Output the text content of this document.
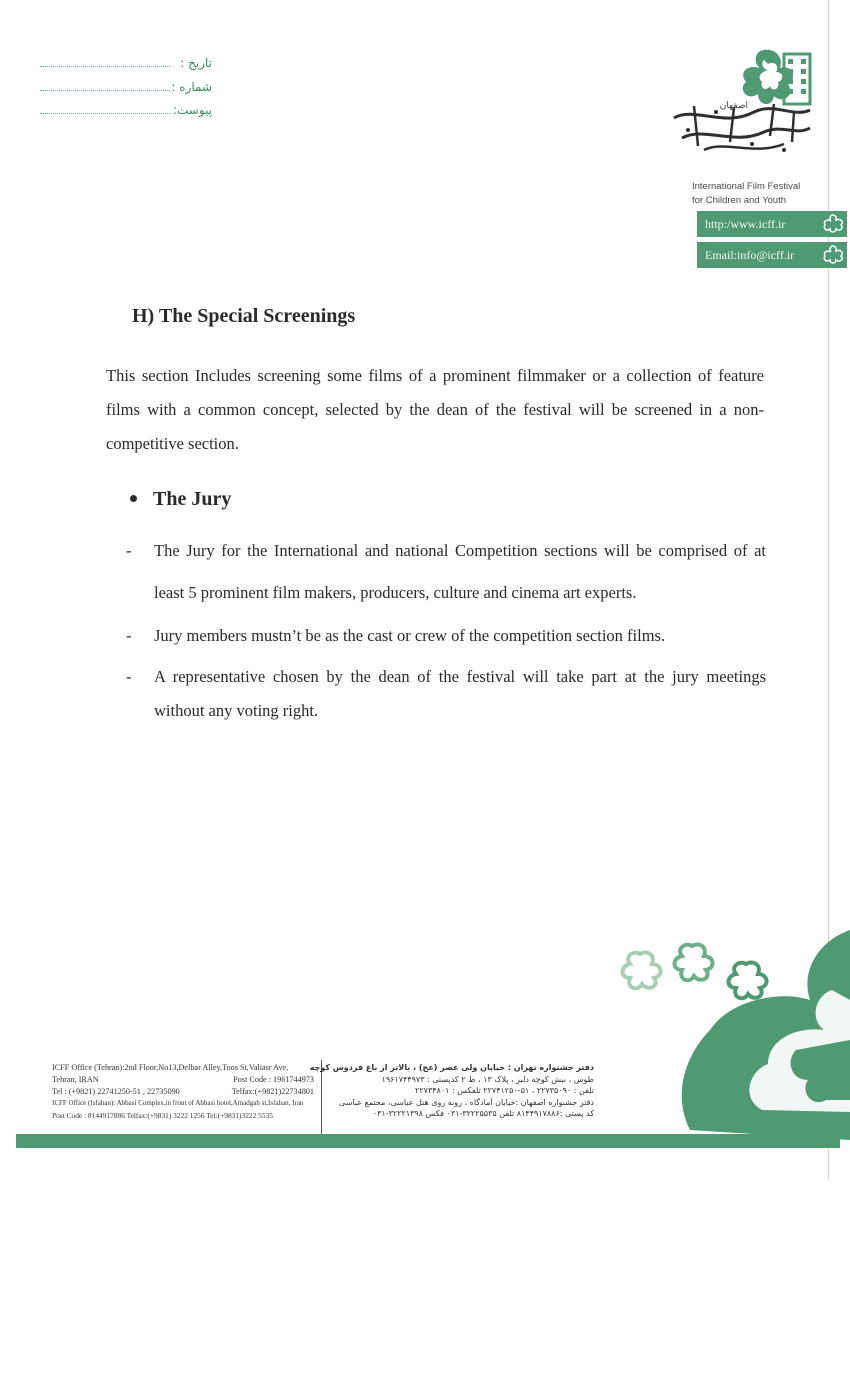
تاریخ :
شماره :
پیوست:	اصفهان
International Film Festival
for Children and Youth
http:/www.icff.ir
Email:info@icff.ir
H) The Special Screenings
This section Includes screening some films of a prominent filmmaker or a collection of feature films with a common concept, selected by the dean of the festival will be screened in a non-competitive section.
The Jury
- The Jury for the International and national Competition sections will be comprised of at least 5 prominent film makers, producers, culture and cinema art experts.
- Jury members mustn’t be as the cast or crew of the competition section films.
- A representative chosen by the dean of the festival will take part at the jury meetings without any voting right.
ICFF Office (Tehran):2nd Floor,No13,Delbar Alley,Toos St,Valiasr Ave,
Tehran, IRAN	Post Code : 1961744973
Tel : (+9821) 22741250-51 , 22735090	Telfax:(+9821)22734801
ICFF Office (Isfahan): Abbasi Complex,in front of Abbasi hotel,Amadgah st,Isfahan, Iran
Post Code : 8144917886 Telfax:(+9831) 3222 1256 Tel:(+9831)3222 5535
دفتر جشنواره تهران : خیابان ولی عصر (عج) ، بالاتر از باغ فردوس کوچه
طوس ، نبش کوچه دلبر ، پلاک ۱۳ ، ط ۲ کدپستی : ۱۹۶۱۷۴۴۹۷۳
تلفن : ۲۲۷۳۵۰۹۰ ، ۵۱-۲۲۷۴۱۲۵۰ تلفکس : ۲۲۷۳۴۸۰۱
دفتر جشنواره اصفهان :خیابان آمادگاه ، روبه روی هتل عباسی، مجتمع عباسی
کد پستی :۸۱۴۴۹۱۷۸۸۶ تلفن ۳۲۲۲۵۵۳۵-۰۳۱ فکس ۳۲۲۲۱۳۹۸-۰۳۱
